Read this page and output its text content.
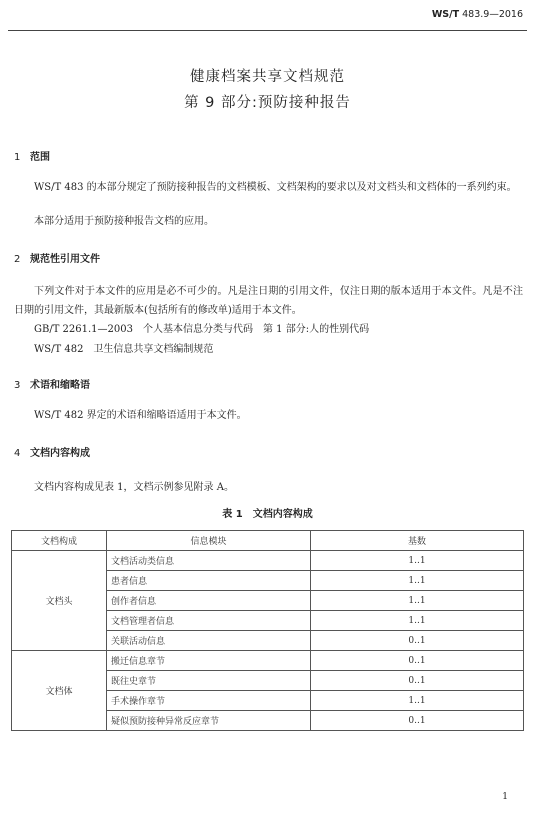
WS/T 483.9—2016
健康档案共享文档规范
第 9 部分:预防接种报告
1 范围
WS/T 483 的本部分规定了预防接种报告的文档模板、文档架构的要求以及对文档头和文档体的一系列约束。
本部分适用于预防接种报告文档的应用。
2 规范性引用文件
下列文件对于本文件的应用是必不可少的。凡是注日期的引用文件，仅注日期的版本适用于本文件。凡是不注日期的引用文件，其最新版本(包括所有的修改单)适用于本文件。
GB/T 2261.1—2003　个人基本信息分类与代码　第 1 部分:人的性别代码
WS/T 482　卫生信息共享文档编制规范
3 术语和缩略语
WS/T 482 界定的术语和缩略语适用于本文件。
4 文档内容构成
文档内容构成见表 1，文档示例参见附录 A。
表 1　文档内容构成
文档构成	信息模块	基数
文档头	文档活动类信息	1..1
	患者信息	1..1
	创作者信息	1..1
	文档管理者信息	1..1
	关联活动信息	0..1
文档体	搬迁信息章节	0..1
	既往史章节	0..1
	手术操作章节	1..1
	疑似预防接种异常反应章节	0..1
1
